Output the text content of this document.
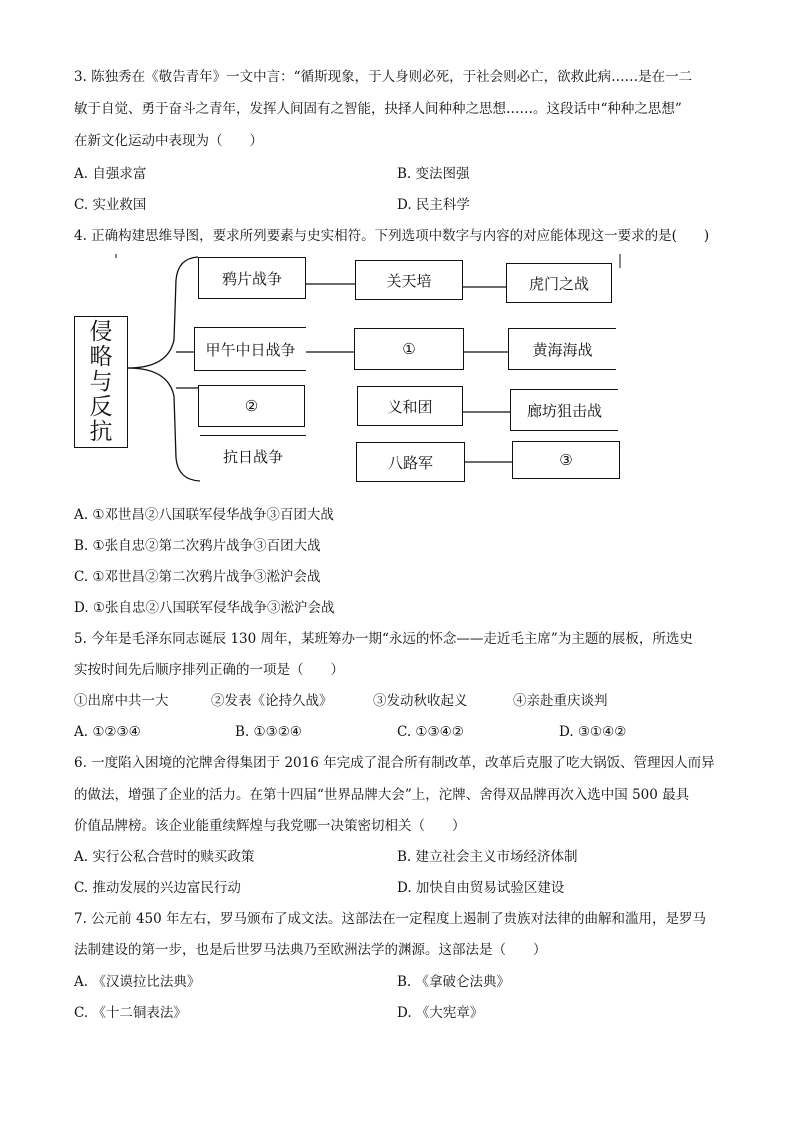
3. 陈独秀在《敬告青年》一文中言：“循斯现象，于人身则必死，于社会则必亡，欲救此病……是在一二
敏于自觉、勇于奋斗之青年，发挥人间固有之智能，抉择人间种种之思想……。这段话中“种种之思想”
在新文化运动中表现为（　　）
A. 自强求富	B. 变法图强
C. 实业救国	D. 民主科学
4. 正确构建思维导图，要求所列要素与史实相符。下列选项中数字与内容的对应能体现这一要求的是(　　)
侵
略
与
反
抗
鸦片战争	关天培	虎门之战
甲午中日战争	①	黄海海战
②	义和团	廊坊狙击战
抗日战争	八路军	③
A. ①邓世昌②八国联军侵华战争③百团大战
B. ①张自忠②第二次鸦片战争③百团大战
C. ①邓世昌②第二次鸦片战争③淞沪会战
D. ①张自忠②八国联军侵华战争③淞沪会战
5. 今年是毛泽东同志诞辰 130 周年，某班筹办一期“永远的怀念——走近毛主席”为主题的展板，所选史
实按时间先后顺序排列正确的一项是（　　）
①出席中共一大	②发表《论持久战》	③发动秋收起义	④亲赴重庆谈判
A. ①②③④	B. ①③②④	C. ①③④②	D. ③①④②
6. 一度陷入困境的沱牌舍得集团于 2016 年完成了混合所有制改革，改革后克服了吃大锅饭、管理因人而异
的做法，增强了企业的活力。在第十四届“世界品牌大会”上，沱牌、舍得双品牌再次入选中国 500 最具
价值品牌榜。该企业能重续辉煌与我党哪一决策密切相关（　　）
A. 实行公私合营时的赎买政策	B. 建立社会主义市场经济体制
C. 推动发展的兴边富民行动	D. 加快自由贸易试验区建设
7. 公元前 450 年左右，罗马颁布了成文法。这部法在一定程度上遏制了贵族对法律的曲解和滥用，是罗马
法制建设的第一步，也是后世罗马法典乃至欧洲法学的渊源。这部法是（　　）
A. 《汉谟拉比法典》	B. 《拿破仑法典》
C. 《十二铜表法》	D. 《大宪章》
